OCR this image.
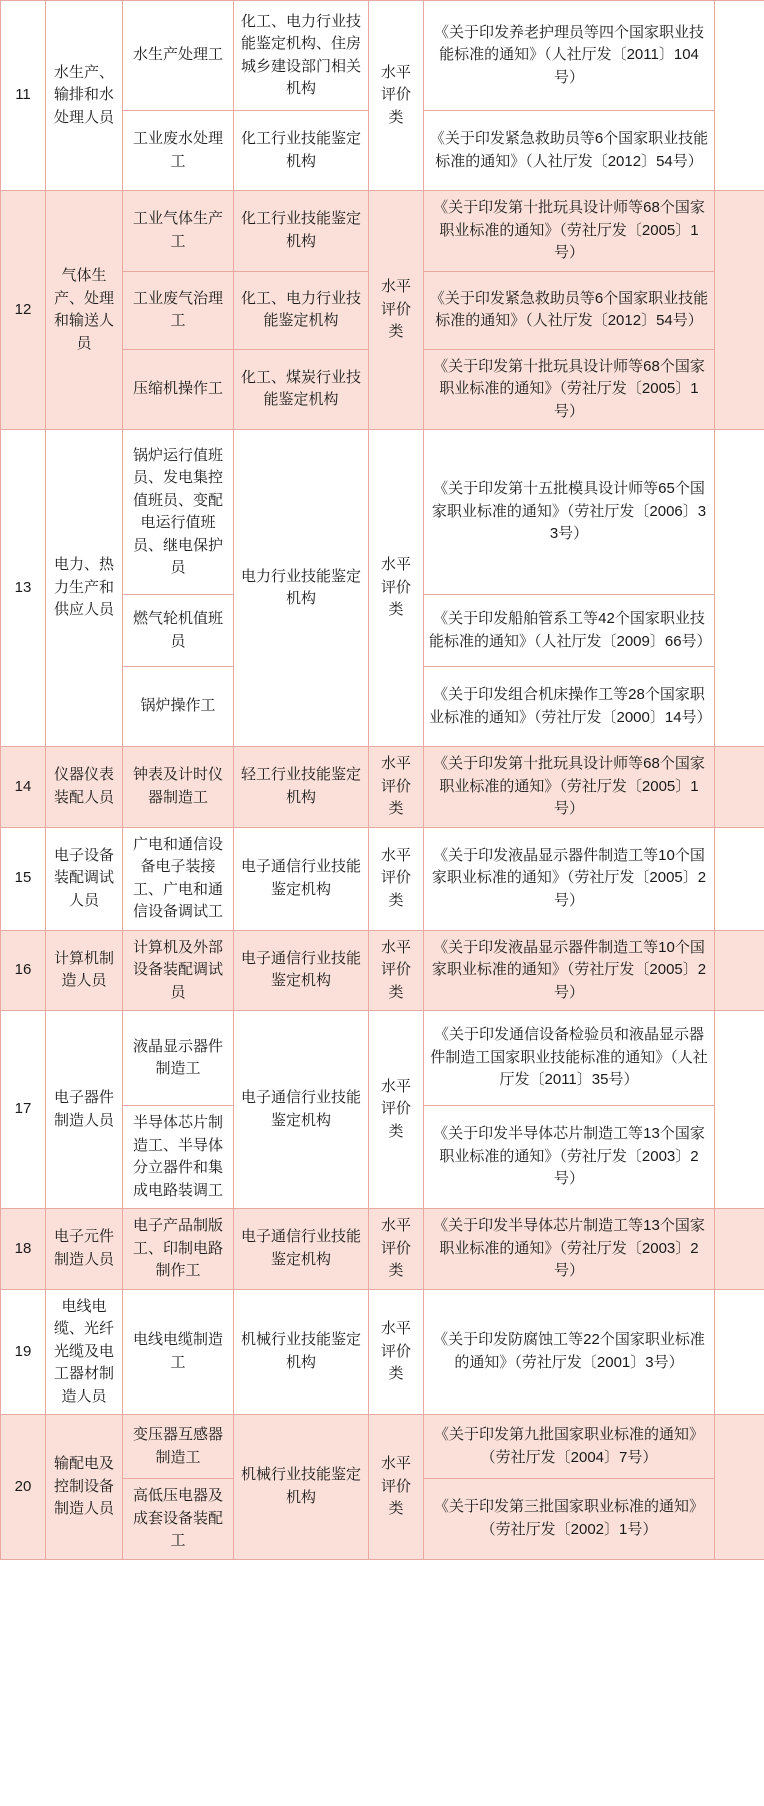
11	水生产、输排和水处理人员	水生产处理工	化工、电力行业技能鉴定机构、住房城乡建设部门相关机构	水平评价类	《关于印发养老护理员等四个国家职业技能标准的通知》（人社厅发〔2011〕104号）	
		工业废水处理工	化工行业技能鉴定机构		《关于印发紧急救助员等6个国家职业技能标准的通知》（人社厅发〔2012〕54号）	
12	气体生产、处理和输送人员	工业气体生产工	化工行业技能鉴定机构	水平评价类	《关于印发第十批玩具设计师等68个国家职业标准的通知》（劳社厅发〔2005〕1号）	
		工业废气治理工	化工、电力行业技能鉴定机构		《关于印发紧急救助员等6个国家职业技能标准的通知》（人社厅发〔2012〕54号）	
		压缩机操作工	化工、煤炭行业技能鉴定机构		《关于印发第十批玩具设计师等68个国家职业标准的通知》（劳社厅发〔2005〕1号）	
13	电力、热力生产和供应人员	锅炉运行值班员、发电集控值班员、变配电运行值班员、继电保护员	电力行业技能鉴定机构	水平评价类	《关于印发第十五批模具设计师等65个国家职业标准的通知》（劳社厅发〔2006〕33号）	
		燃气轮机值班员			《关于印发船舶管系工等42个国家职业技能标准的通知》（人社厅发〔2009〕66号）	
		锅炉操作工			《关于印发组合机床操作工等28个国家职业标准的通知》（劳社厅发〔2000〕14号）	
14	仪器仪表装配人员	钟表及计时仪器制造工	轻工行业技能鉴定机构	水平评价类	《关于印发第十批玩具设计师等68个国家职业标准的通知》（劳社厅发〔2005〕1号）	
15	电子设备装配调试人员	广电和通信设备电子装接工、广电和通信设备调试工	电子通信行业技能鉴定机构	水平评价类	《关于印发液晶显示器件制造工等10个国家职业标准的通知》（劳社厅发〔2005〕2号）	
16	计算机制造人员	计算机及外部设备装配调试员	电子通信行业技能鉴定机构	水平评价类	《关于印发液晶显示器件制造工等10个国家职业标准的通知》（劳社厅发〔2005〕2号）	
17	电子器件制造人员	液晶显示器件制造工	电子通信行业技能鉴定机构	水平评价类	《关于印发通信设备检验员和液晶显示器件制造工国家职业技能标准的通知》（人社厅发〔2011〕35号）	
		半导体芯片制造工、半导体分立器件和集成电路装调工			《关于印发半导体芯片制造工等13个国家职业标准的通知》（劳社厅发〔2003〕2号）	
18	电子元件制造人员	电子产品制版工、印制电路制作工	电子通信行业技能鉴定机构	水平评价类	《关于印发半导体芯片制造工等13个国家职业标准的通知》（劳社厅发〔2003〕2号）	
19	电线电缆、光纤光缆及电工器材制造人员	电线电缆制造工	机械行业技能鉴定机构	水平评价类	《关于印发防腐蚀工等22个国家职业标准的通知》（劳社厅发〔2001〕3号）	
20	输配电及控制设备制造人员	变压器互感器制造工	机械行业技能鉴定机构	水平评价类	《关于印发第九批国家职业标准的通知》（劳社厅发〔2004〕7号）	
		高低压电器及成套设备装配工			《关于印发第三批国家职业标准的通知》（劳社厅发〔2002〕1号）	
